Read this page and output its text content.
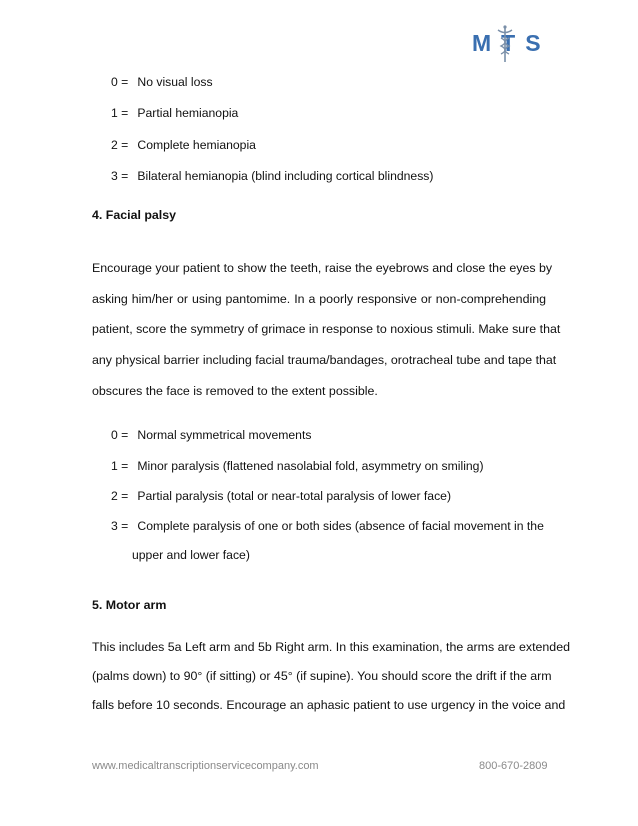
MTS
0 = No visual loss
1 = Partial hemianopia
2 = Complete hemianopia
3 = Bilateral hemianopia (blind including cortical blindness)
4. Facial palsy
Encourage your patient to show the teeth, raise the eyebrows and close the eyes by
asking him/her or using pantomime. In a poorly responsive or non-comprehending
patient, score the symmetry of grimace in response to noxious stimuli. Make sure that
any physical barrier including facial trauma/bandages, orotracheal tube and tape that
obscures the face is removed to the extent possible.
0 = Normal symmetrical movements
1 = Minor paralysis (flattened nasolabial fold, asymmetry on smiling)
2 = Partial paralysis (total or near-total paralysis of lower face)
3 = Complete paralysis of one or both sides (absence of facial movement in the
upper and lower face)
5. Motor arm
This includes 5a Left arm and 5b Right arm. In this examination, the arms are extended
(palms down) to 90° (if sitting) or 45° (if supine). You should score the drift if the arm
falls before 10 seconds. Encourage an aphasic patient to use urgency in the voice and
www.medicaltranscriptionservicecompany.com	800-670-2809
